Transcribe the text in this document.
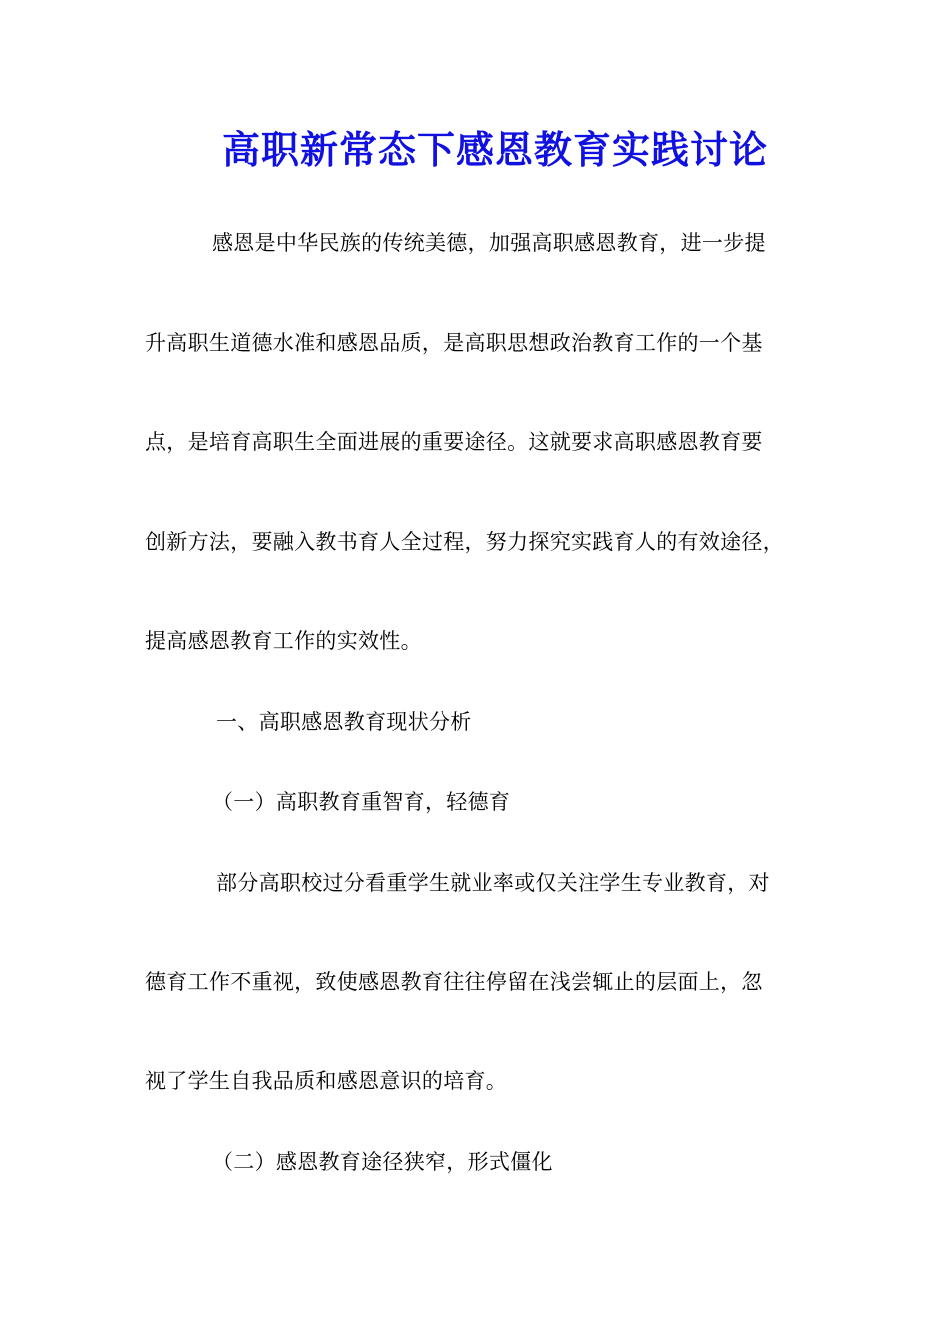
高职新常态下感恩教育实践讨论
感恩是中华民族的传统美德，加强高职感恩教育，进一步提
升高职生道德水准和感恩品质，是高职思想政治教育工作的一个基
点，是培育高职生全面进展的重要途径。这就要求高职感恩教育要
创新方法，要融入教书育人全过程，努力探究实践育人的有效途径，
提高感恩教育工作的实效性。
一、高职感恩教育现状分析
（一）高职教育重智育，轻德育
部分高职校过分看重学生就业率或仅关注学生专业教育，对
德育工作不重视，致使感恩教育往往停留在浅尝辄止的层面上，忽
视了学生自我品质和感恩意识的培育。
（二）感恩教育途径狭窄，形式僵化
